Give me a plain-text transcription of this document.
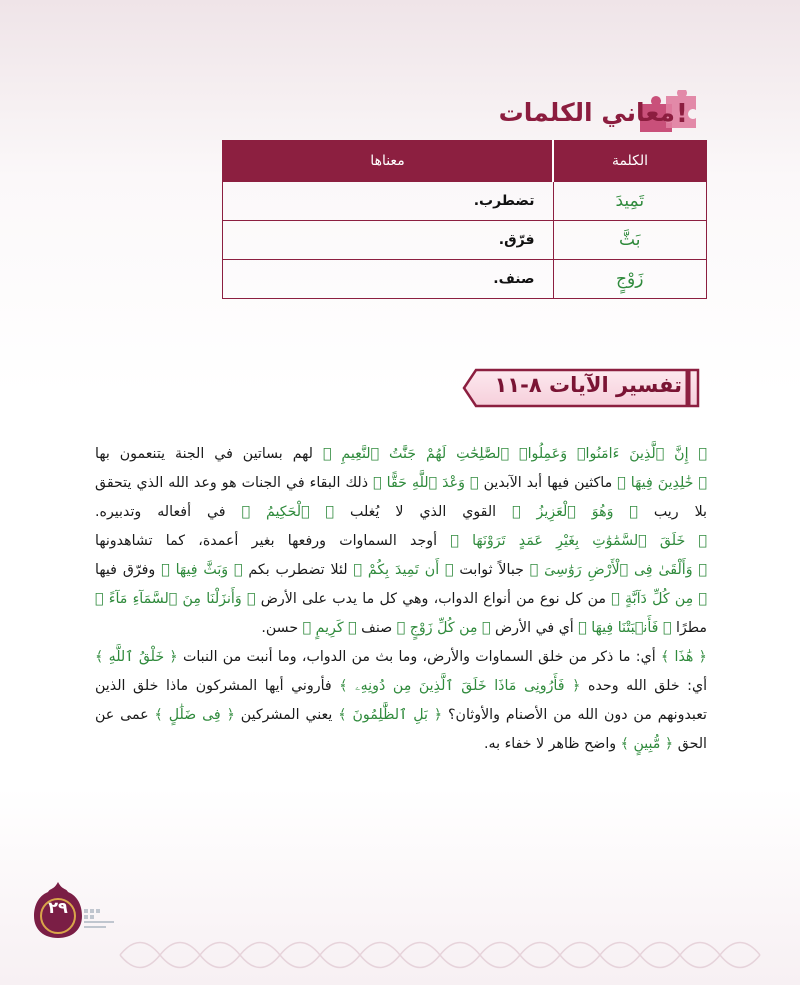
!
معاني الكلمات
الكلمة	معناها
تَمِيدَ	تضطرب.
بَثَّ	فرّق.
زَوْجٍ	صنف.
تفسير الآيات ٨-١١

﴿ إِنَّ ٱلَّذِينَ ءَامَنُوا۟ وَعَمِلُوا۟ ٱلصَّٰلِحَٰتِ لَهُمْ جَنَّٰتُ ٱلنَّعِيمِ ﴾ لهم بساتين في الجنة يتنعمون بها ﴿ خَٰلِدِينَ فِيهَا ﴾ ماكثين فيها أبد الآبدين ﴿ وَعْدَ ٱللَّهِ حَقًّا ﴾ ذلك البقاء في الجنات هو وعد الله الذي يتحقق بلا ريب ﴿ وَهُوَ ٱلْعَزِيزُ ﴾ القوي الذي لا يُغلب ﴿ ٱلْحَكِيمُ ﴾ في أفعاله وتدبيره. ﴿ خَلَقَ ٱلسَّمَٰوَٰتِ بِغَيْرِ عَمَدٍ تَرَوْنَهَا ﴾ أوجد السماوات ورفعها بغير أعمدة، كما تشاهدونها ﴿ وَأَلْقَىٰ فِى ٱلْأَرْضِ رَوَٰسِىَ ﴾ جبالاً ثوابت ﴿ أَن تَمِيدَ بِكُمْ ﴾ لئلا تضطرب بكم ﴿ وَبَثَّ فِيهَا ﴾ وفرّق فيها ﴿ مِن كُلِّ دَآبَّةٍ ﴾ من كل نوع من أنواع الدواب، وهي كل ما يدب على الأرض ﴿ وَأَنزَلْنَا مِنَ ٱلسَّمَآءِ مَآءً ﴾ مطرًا ﴿ فَأَنۢبَتْنَا فِيهَا ﴾ أي في الأرض ﴿ مِن كُلِّ زَوْجٍ ﴾ صنف ﴿ كَرِيمٍ ﴾ حسن.

﴿ هَٰذَا ﴾ أي: ما ذكر من خلق السماوات والأرض، وما بث من الدواب، وما أنبت من النبات ﴿ خَلْقُ ٱللَّهِ ﴾ أي: خلق الله وحده ﴿ فَأَرُونِى مَاذَا خَلَقَ ٱلَّذِينَ مِن دُونِهِۦ ﴾ فأروني أيها المشركون ماذا خلق الذين تعبدونهم من دون الله من الأصنام والأوثان؟ ﴿ بَلِ ٱلظَّٰلِمُونَ ﴾ يعني المشركين ﴿ فِى ضَلَٰلٍ ﴾ عمى عن الحق ﴿ مُّبِينٍ ﴾ واضح ظاهر لا خفاء به.

٢٩
